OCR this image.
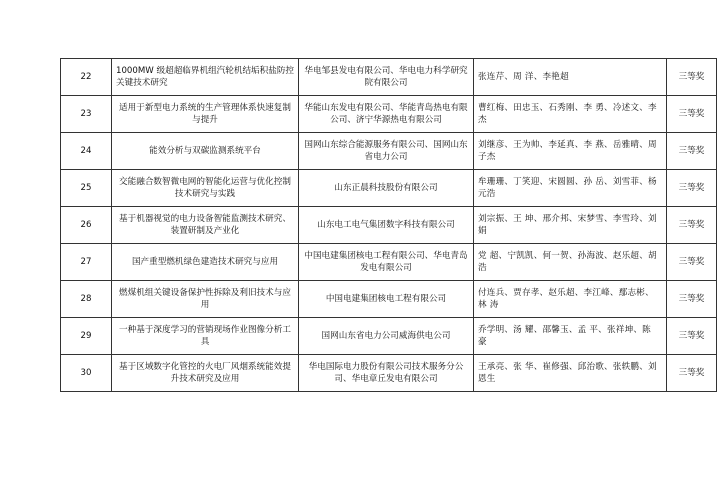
22	1000MW 级超超临界机组汽轮机结垢积盐防控关键技术研究	华电邹县发电有限公司、华电电力科学研究院有限公司	张连芹、周 洋、李艳超	三等奖
23	适用于新型电力系统的生产管理体系快速复制与提升	华能山东发电有限公司、华能青岛热电有限公司、济宁华源热电有限公司	曹红梅、田忠玉、石秀刚、李 勇、冷述文、李 杰	三等奖
24	能效分析与双碳监测系统平台	国网山东综合能源服务有限公司、国网山东省电力公司	刘继彦、王为帅、李延真、李 燕、岳雅晴、周子杰	三等奖
25	交能融合数智微电网的智能化运营与优化控制技术研究与实践	山东正晨科技股份有限公司	牟珊珊、丁笑迎、宋圆圆、孙 岳、刘雪菲、杨元浩	三等奖
26	基于机器视觉的电力设备智能监测技术研究、装置研制及产业化	山东电工电气集团数字科技有限公司	刘宗振、王 坤、邢介邦、宋梦雪、李雪玲、刘 娟	三等奖
27	国产重型燃机绿色建造技术研究与应用	中国电建集团核电工程有限公司、华电青岛发电有限公司	党 超、宁凯凯、何一贺、孙海波、赵乐超、胡 浩	三等奖
28	燃煤机组关键设备保护性拆除及利旧技术与应用	中国电建集团核电工程有限公司	付连兵、贾存孝、赵乐超、李江峰、鄢志彬、林 涛	三等奖
29	一种基于深度学习的营销现场作业图像分析工具	国网山东省电力公司威海供电公司	乔学明、汤 耀、邵馨玉、孟 平、张祥坤、陈 豪	三等奖
30	基于区域数字化管控的火电厂风烟系统能效提升技术研究及应用	华电国际电力股份有限公司技术服务分公司、华电章丘发电有限公司	王承亮、张 华、崔修强、邱治歌、张轶鹏、刘恩生	三等奖
